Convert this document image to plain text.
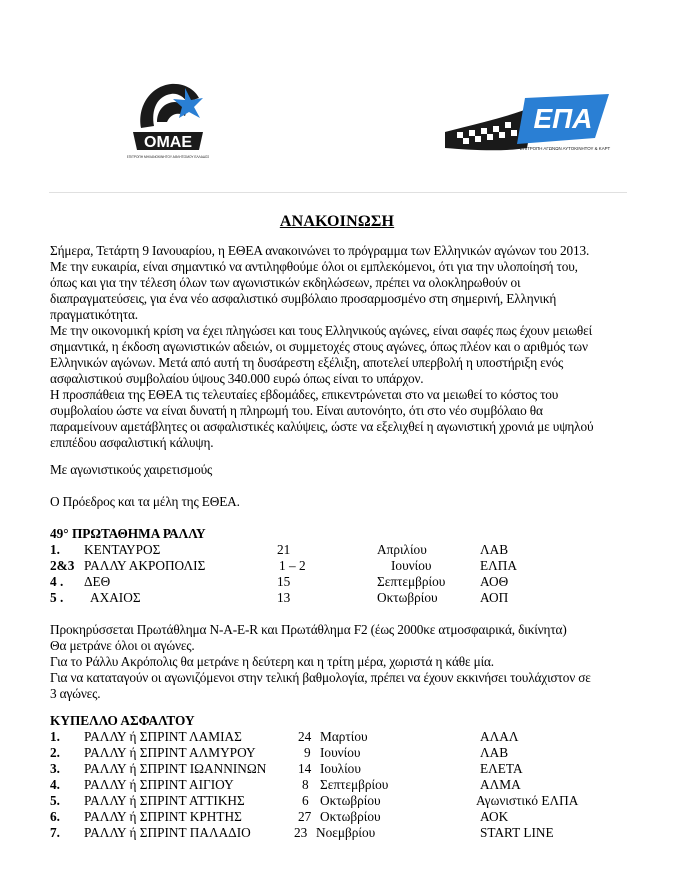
ΟΜΑΕ
ΕΠΙΤΡΟΠΗ ΜΗΧΑΝΟΚΙΝΗΤΟΥ ΑΘΛΗΤΙΣΜΟΥ ΕΛΛΑΔΟΣ
ΕΠΑ
ΕΠΙΤΡΟΠΗ ΑΓΩΝΩΝ ΑΥΤΟΚΙΝΗΤΟΥ & ΚΑΡΤ
ΑΝΑΚΟΙΝΩΣΗ

Σήμερα, Τετάρτη 9 Ιανουαρίου, η ΕΘΕΑ ανακοινώνει το πρόγραμμα των Ελληνικών αγώνων του 2013.
Με την ευκαιρία, είναι σημαντικό να αντιληφθούμε όλοι οι εμπλεκόμενοι, ότι για την υλοποίησή του,
όπως και για την τέλεση όλων των αγωνιστικών εκδηλώσεων, πρέπει να ολοκληρωθούν οι
διαπραγματεύσεις, για ένα νέο ασφαλιστικό συμβόλαιο προσαρμοσμένο στη σημερινή, Ελληνική
πραγματικότητα.
Με την οικονομική κρίση να έχει πληγώσει και τους Ελληνικούς αγώνες, είναι σαφές πως έχουν μειωθεί
σημαντικά, η έκδοση αγωνιστικών αδειών, οι συμμετοχές στους αγώνες, όπως πλέον και ο αριθμός των
Ελληνικών αγώνων. Μετά από αυτή τη δυσάρεστη εξέλιξη, αποτελεί υπερβολή η υποστήριξη ενός
ασφαλιστικού συμβολαίου ύψους 340.000 ευρώ όπως είναι το υπάρχον.
Η προσπάθεια της ΕΘΕΑ τις τελευταίες εβδομάδες, επικεντρώνεται στο να μειωθεί το κόστος του
συμβολαίου ώστε να είναι δυνατή η πληρωμή του. Είναι αυτονόητο, ότι στο νέο συμβόλαιο θα
παραμείνουν αμετάβλητες οι ασφαλιστικές καλύψεις, ώστε να εξελιχθεί η αγωνιστική χρονιά με υψηλού
επιπέδου ασφαλιστική κάλυψη.

Με αγωνιστικούς χαιρετισμούς

Ο Πρόεδρος και τα μέλη της ΕΘΕΑ.

49° ΠΡΩΤΑΘΗΜΑ ΡΑΛΛΥ
1. ΚΕΝΤΑΥΡΟΣ	21	Απριλίου	ΛΑΒ
2&3 ΡΑΛΛΥ ΑΚΡΟΠΟΛΙΣ	1 – 2	Ιουνίου	ΕΛΠΑ
4 . ΔΕΘ	15	Σεπτεμβρίου	ΑΟΘ
5 . ΑΧΑΙΟΣ	13	Οκτωβρίου	ΑΟΠ

Προκηρύσσεται Πρωτάθλημα N-A-E-R και Πρωτάθλημα F2 (έως 2000κε ατμοσφαιρικά, δικίνητα)
Θα μετράνε όλοι οι αγώνες.
Για το Ράλλυ Ακρόπολις θα μετράνε η δεύτερη και η τρίτη μέρα, χωριστά η κάθε μία.
Για να καταταγούν οι αγωνιζόμενοι στην τελική βαθμολογία, πρέπει να έχουν εκκινήσει τουλάχιστον σε
3 αγώνες.

ΚΥΠΕΛΛΟ ΑΣΦΑΛΤΟΥ
1. ΡΑΛΛΥ ή ΣΠΡΙΝΤ ΛΑΜΙΑΣ	24 Μαρτίου	ΑΛΑΛ
2. ΡΑΛΛΥ ή ΣΠΡΙΝΤ ΑΛΜΥΡΟΥ	9 Ιουνίου	ΛΑΒ
3. ΡΑΛΛΥ ή ΣΠΡΙΝΤ ΙΩΑΝΝΙΝΩΝ 14 Ιουλίου	ΕΛΕΤΑ
4. ΡΑΛΛΥ ή ΣΠΡΙΝΤ ΑΙΓΙΟΥ	8 Σεπτεμβρίου	ΑΛΜΑ
5. ΡΑΛΛΥ ή ΣΠΡΙΝΤ ΑΤΤΙΚΗΣ	6 Οκτωβρίου	Αγωνιστικό ΕΛΠΑ
6. ΡΑΛΛΥ ή ΣΠΡΙΝΤ ΚΡΗΤΗΣ	27 Οκτωβρίου	ΑΟΚ
7. ΡΑΛΛΥ ή ΣΠΡΙΝΤ ΠΑΛΑΔΙΟ	23 Νοεμβρίου	START LINE
